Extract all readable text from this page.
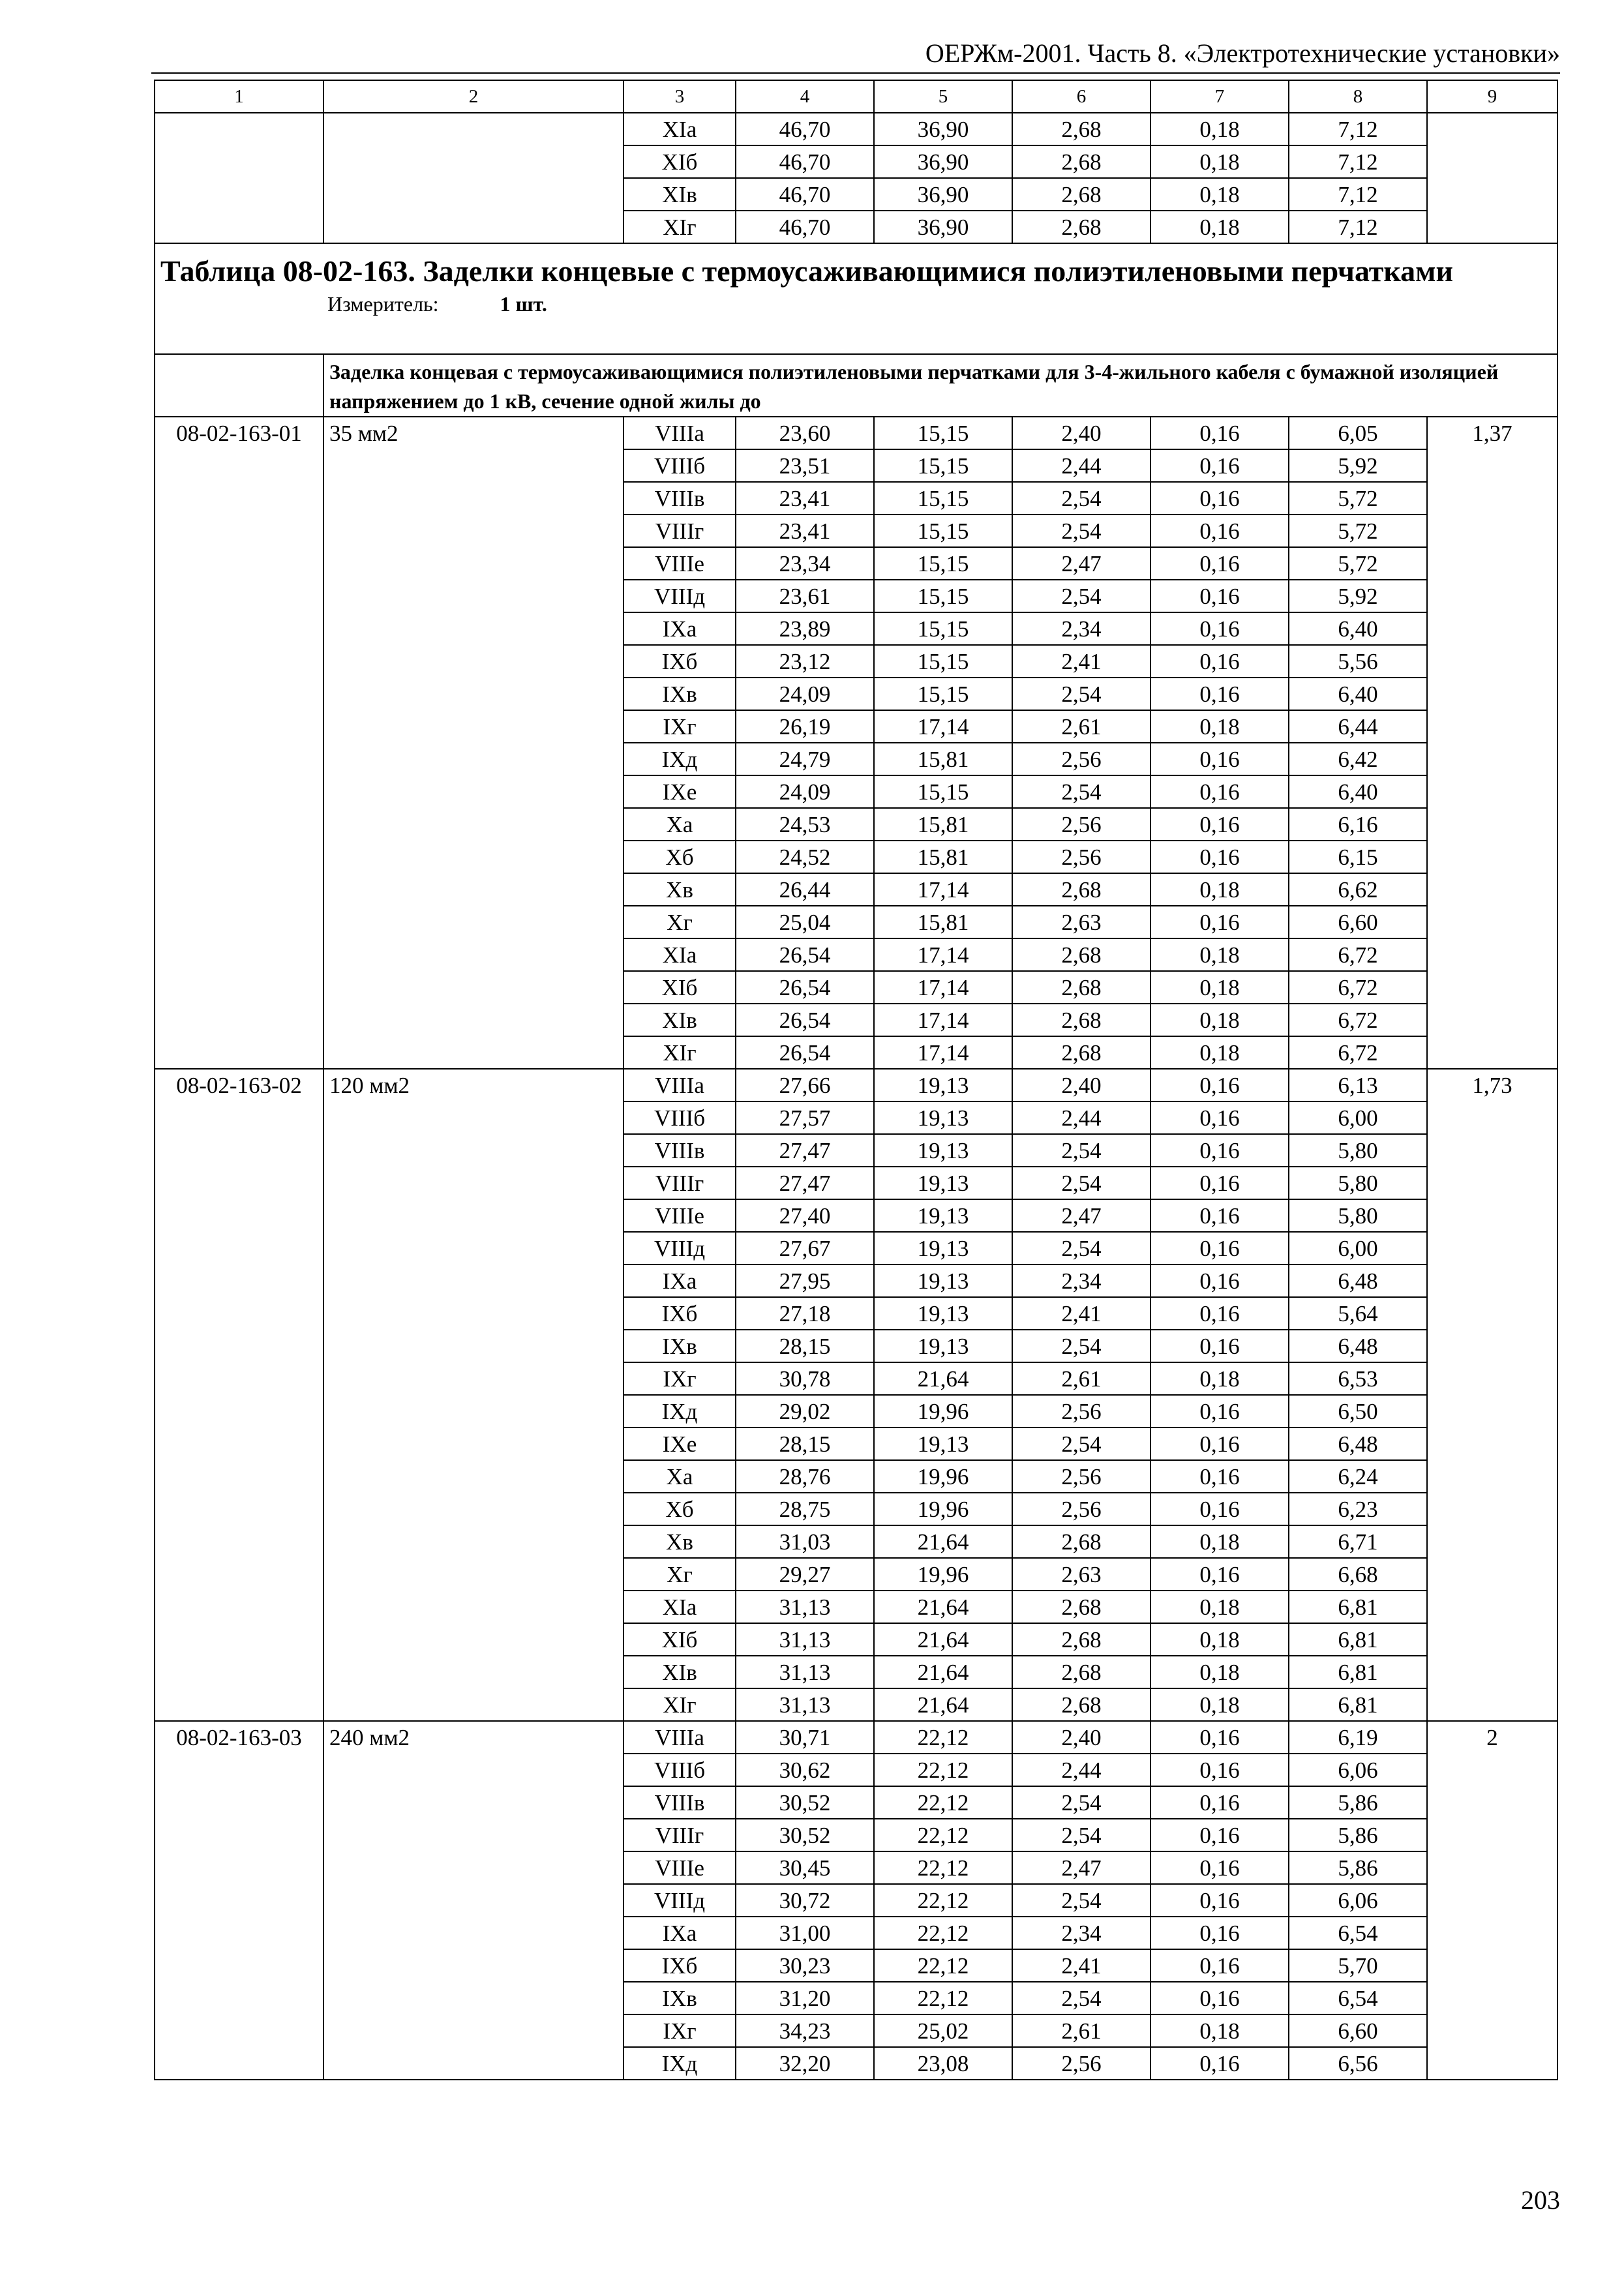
ОЕРЖм-2001. Часть 8. «Электротехнические установки»
1	2	3	4	5	6	7	8	9
		XIа	46,70	36,90	2,68	0,18	7,12	
		XIб	46,70	36,90	2,68	0,18	7,12	
		XIв	46,70	36,90	2,68	0,18	7,12	
		XIг	46,70	36,90	2,68	0,18	7,12	

Таблица 08-02-163. Заделки концевые с термоусаживающимися полиэтиленовыми перчатками
Измеритель: 1 шт.								

	Заделка концевая с термоусаживающимися полиэтиленовыми перчатками для 3-4-жильного кабеля с бумажной изоляцией напряжением до 1 кВ, сечение одной жилы до							
08-02-163-01	35 мм2	VIIIа	23,60	15,15	2,40	0,16	6,05	1,37
		VIIIб	23,51	15,15	2,44	0,16	5,92	
		VIIIв	23,41	15,15	2,54	0,16	5,72	
		VIIIг	23,41	15,15	2,54	0,16	5,72	
		VIIIе	23,34	15,15	2,47	0,16	5,72	
		VIIIд	23,61	15,15	2,54	0,16	5,92	
		IXа	23,89	15,15	2,34	0,16	6,40	
		IXб	23,12	15,15	2,41	0,16	5,56	
		IXв	24,09	15,15	2,54	0,16	6,40	
		IXг	26,19	17,14	2,61	0,18	6,44	
		IXд	24,79	15,81	2,56	0,16	6,42	
		IXе	24,09	15,15	2,54	0,16	6,40	
		Xа	24,53	15,81	2,56	0,16	6,16	
		Xб	24,52	15,81	2,56	0,16	6,15	
		Xв	26,44	17,14	2,68	0,18	6,62	
		Xг	25,04	15,81	2,63	0,16	6,60	
		XIа	26,54	17,14	2,68	0,18	6,72	
		XIб	26,54	17,14	2,68	0,18	6,72	
		XIв	26,54	17,14	2,68	0,18	6,72	
		XIг	26,54	17,14	2,68	0,18	6,72	
08-02-163-02	120 мм2	VIIIа	27,66	19,13	2,40	0,16	6,13	1,73
		VIIIб	27,57	19,13	2,44	0,16	6,00	
		VIIIв	27,47	19,13	2,54	0,16	5,80	
		VIIIг	27,47	19,13	2,54	0,16	5,80	
		VIIIе	27,40	19,13	2,47	0,16	5,80	
		VIIIд	27,67	19,13	2,54	0,16	6,00	
		IXа	27,95	19,13	2,34	0,16	6,48	
		IXб	27,18	19,13	2,41	0,16	5,64	
		IXв	28,15	19,13	2,54	0,16	6,48	
		IXг	30,78	21,64	2,61	0,18	6,53	
		IXд	29,02	19,96	2,56	0,16	6,50	
		IXе	28,15	19,13	2,54	0,16	6,48	
		Xа	28,76	19,96	2,56	0,16	6,24	
		Xб	28,75	19,96	2,56	0,16	6,23	
		Xв	31,03	21,64	2,68	0,18	6,71	
		Xг	29,27	19,96	2,63	0,16	6,68	
		XIа	31,13	21,64	2,68	0,18	6,81	
		XIб	31,13	21,64	2,68	0,18	6,81	
		XIв	31,13	21,64	2,68	0,18	6,81	
		XIг	31,13	21,64	2,68	0,18	6,81	
08-02-163-03	240 мм2	VIIIа	30,71	22,12	2,40	0,16	6,19	2
		VIIIб	30,62	22,12	2,44	0,16	6,06	
		VIIIв	30,52	22,12	2,54	0,16	5,86	
		VIIIг	30,52	22,12	2,54	0,16	5,86	
		VIIIе	30,45	22,12	2,47	0,16	5,86	
		VIIIд	30,72	22,12	2,54	0,16	6,06	
		IXа	31,00	22,12	2,34	0,16	6,54	
		IXб	30,23	22,12	2,41	0,16	5,70	
		IXв	31,20	22,12	2,54	0,16	6,54	
		IXг	34,23	25,02	2,61	0,18	6,60	
		IXд	32,20	23,08	2,56	0,16	6,56	
203
